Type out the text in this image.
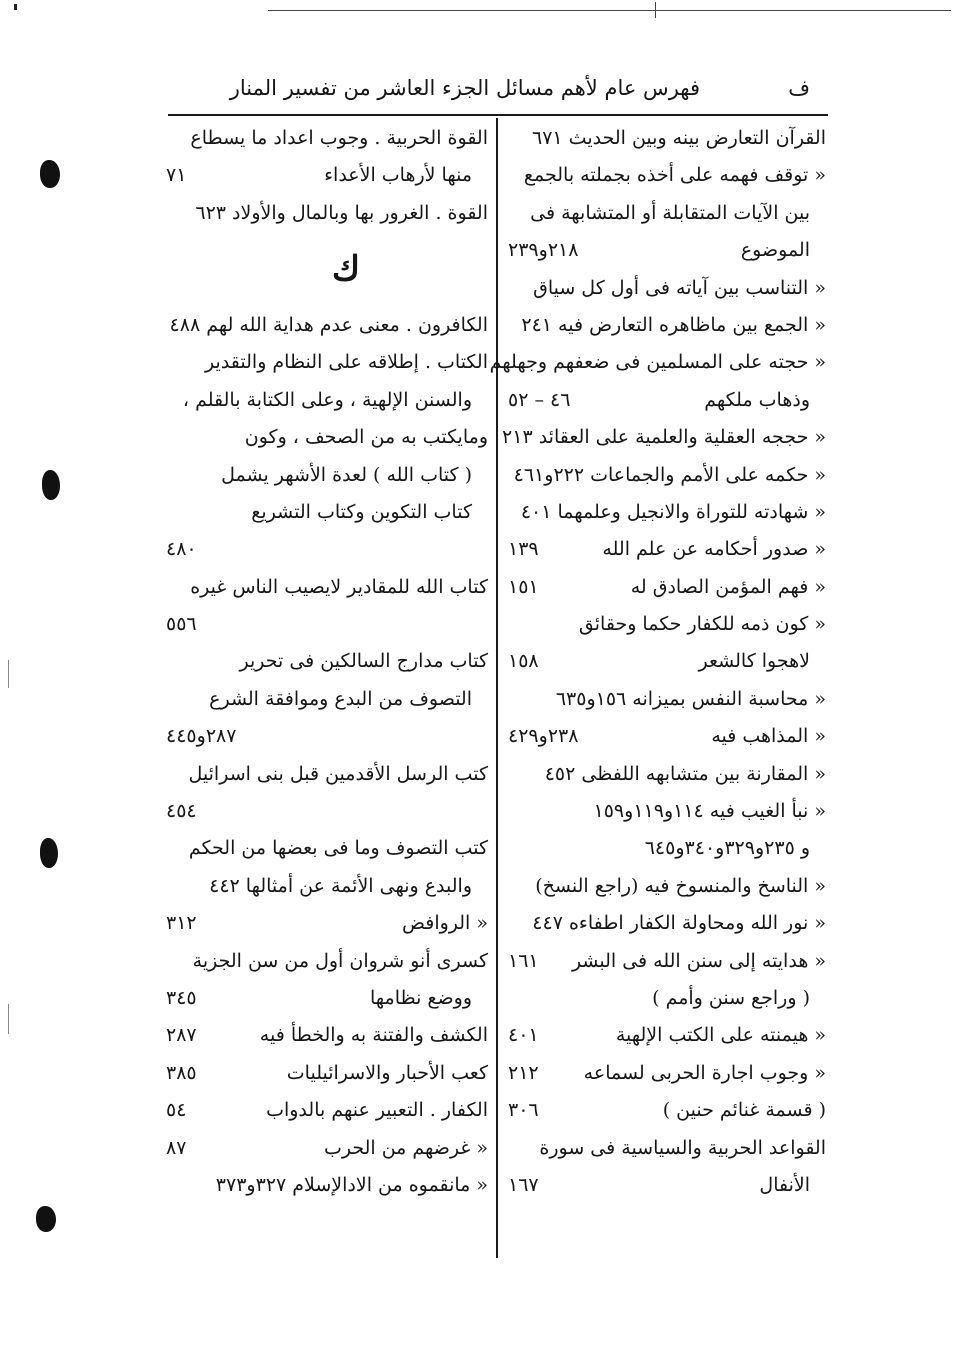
ف
فهرس عام لأهم مسائل الجزء العاشر من تفسير المنار
القرآن التعارض بينه وبين الحديث ٦٧١
« توقف فهمه على أخذه بجملته بالجمع
بين الآيات المتقابلة أو المتشابهة فى
الموضوع
٢١٨و٢٣٩
« التناسب بين آياته فى أول كل سياق
« الجمع بين ماظاهره التعارض فيه ٢٤١
« حجته على المسلمين فى ضعفهم وجهلهم
وذهاب ملكهم
٤٦ – ٥٢
« حججه العقلية والعلمية على العقائد ٢١٣
« حكمه على الأمم والجماعات ٢٢٢و٤٦١
« شهادته للتوراة والانجيل وعلمهما ٤٠١
« صدور أحكامه عن علم الله
١٣٩
« فهم المؤمن الصادق له
١٥١
« كون ذمه للكفار حكما وحقائق
لاهجوا كالشعر
١٥٨
« محاسبة النفس بميزانه ١٥٦و٦٣٥
« المذاهب فيه
٢٣٨و٤٢٩
« المقارنة بين متشابهه اللفظى ٤٥٢
« نبأ الغيب فيه ١١٤و١١٩و١٥٩
و ٢٣٥و٣٢٩و٣٤٠و٦٤٥
« الناسخ والمنسوخ فيه (راجع النسخ)
« نور الله ومحاولة الكفار اطفاءه ٤٤٧
« هدايته إلى سنن الله فى البشر
١٦١
( وراجع سنن وأمم )
« هيمنته على الكتب الإلهية
٤٠١
« وجوب اجارة الحربى لسماعه
٢١٢
( قسمة غنائم حنين )
٣٠٦
القواعد الحربية والسياسية فى سورة
الأنفال
١٦٧
القوة الحربية . وجوب اعداد ما يسطاع
منها لأرهاب الأعداء
٧١
القوة . الغرور بها وبالمال والأولاد ٦٢٣
ك
الكافرون . معنى عدم هداية الله لهم ٤٨٨
الكتاب . إطلاقه على النظام والتقدير
والسنن الإلهية ، وعلى الكتابة بالقلم ،
ومايكتب به من الصحف ، وكون
( كتاب الله ) لعدة الأشهر يشمل
كتاب التكوين وكتاب التشريع
٤٨٠
كتاب الله للمقادير لايصيب الناس غيره
٥٥٦
كتاب مدارج السالكين فى تحرير
التصوف من البدع وموافقة الشرع
٢٨٧و٤٤٥
كتب الرسل الأقدمين قبل بنى اسرائيل
٤٥٤
كتب التصوف وما فى بعضها من الحكم
والبدع ونهى الأئمة عن أمثالها ٤٤٢
« الروافض
٣١٢
كسرى أنو شروان أول من سن الجزية
ووضع نظامها
٣٤٥
الكشف والفتنة به والخطأ فيه
٢٨٧
كعب الأحبار والاسرائيليات
٣٨٥
الكفار . التعبير عنهم بالدواب
٥٤
« غرضهم من الحرب
٨٧
« مانقموه من الادالإسلام ٣٢٧و٣٧٣
